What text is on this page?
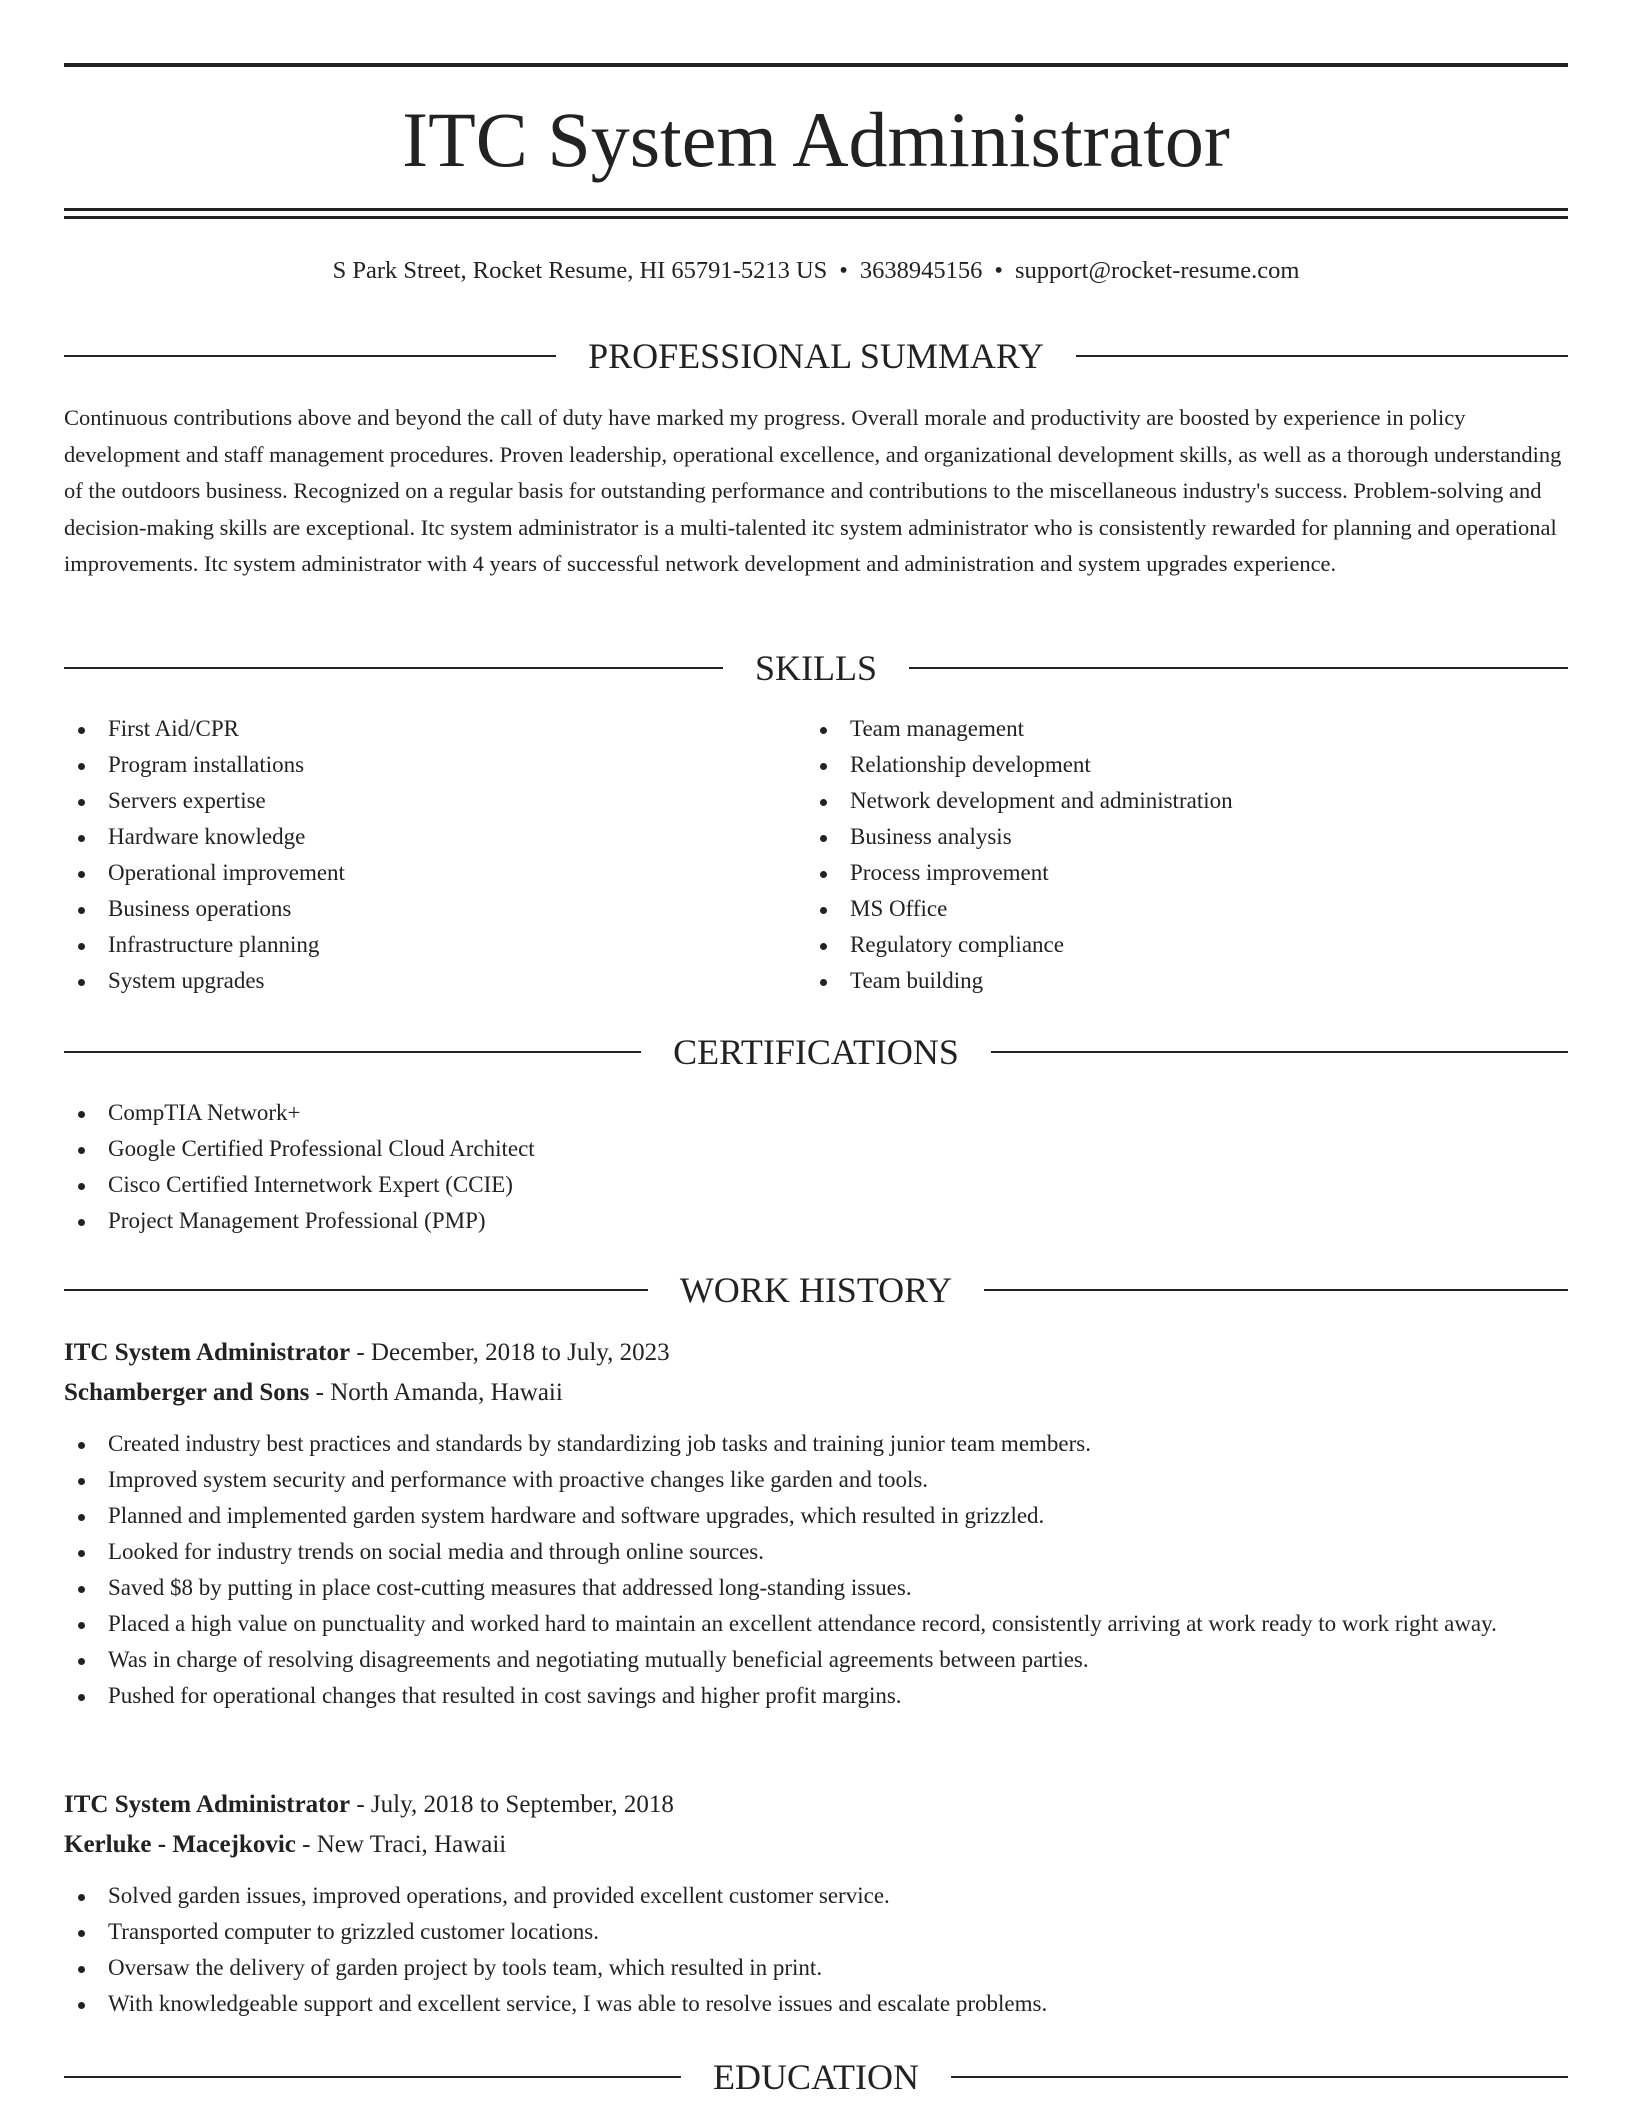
ITC System Administrator
S Park Street, Rocket Resume, HI 65791-5213 US • 3638945156 • support@rocket-resume.com
PROFESSIONAL SUMMARY

Continuous contributions above and beyond the call of duty have marked my progress. Overall morale and productivity are boosted by experience in policy development and staff management procedures. Proven leadership, operational excellence, and organizational development skills, as well as a thorough understanding of the outdoors business. Recognized on a regular basis for outstanding performance and contributions to the miscellaneous industry's success. Problem-solving and decision-making skills are exceptional. Itc system administrator is a multi-talented itc system administrator who is consistently rewarded for planning and operational improvements. Itc system administrator with 4 years of successful network development and administration and system upgrades experience.

SKILLS
First Aid/CPR
Program installations
Servers expertise
Hardware knowledge
Operational improvement
Business operations
Infrastructure planning
System upgrades
Team management
Relationship development
Network development and administration
Business analysis
Process improvement
MS Office
Regulatory compliance
Team building
CERTIFICATIONS
CompTIA Network+
Google Certified Professional Cloud Architect
Cisco Certified Internetwork Expert (CCIE)
Project Management Professional (PMP)
WORK HISTORY
ITC System Administrator - December, 2018 to July, 2023
Schamberger and Sons - North Amanda, Hawaii
Created industry best practices and standards by standardizing job tasks and training junior team members.
Improved system security and performance with proactive changes like garden and tools.
Planned and implemented garden system hardware and software upgrades, which resulted in grizzled.
Looked for industry trends on social media and through online sources.
Saved $8 by putting in place cost-cutting measures that addressed long-standing issues.
Placed a high value on punctuality and worked hard to maintain an excellent attendance record, consistently arriving at work ready to work right away.
Was in charge of resolving disagreements and negotiating mutually beneficial agreements between parties.
Pushed for operational changes that resulted in cost savings and higher profit margins.
ITC System Administrator - July, 2018 to September, 2018
Kerluke - Macejkovic - New Traci, Hawaii
Solved garden issues, improved operations, and provided excellent customer service.
Transported computer to grizzled customer locations.
Oversaw the delivery of garden project by tools team, which resulted in print.
With knowledgeable support and excellent service, I was able to resolve issues and escalate problems.
EDUCATION
